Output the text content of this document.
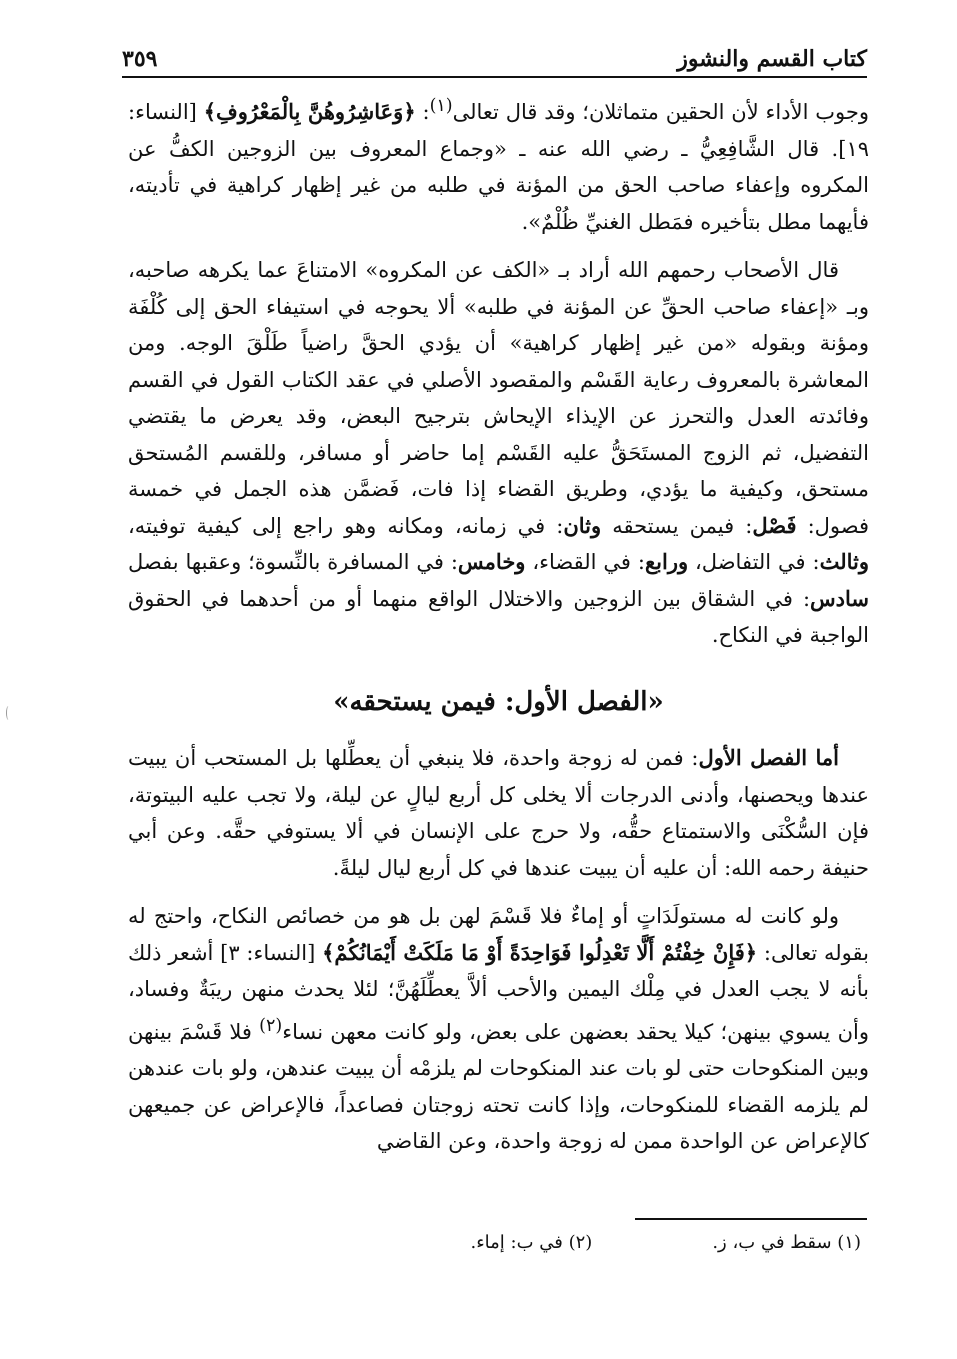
كتاب القسم والنشوز
٣٥٩

وجوب الأداء لأن الحقين متماثلان؛ وقد قال تعالى$^{(١)}$: ﴿وَعَاشِرُوهُنَّ بِالْمَعْرُوفِ﴾ [النساء: ١٩]. قال الشَّافِعِيُّ ـ رضي الله عنه ـ «وجماع المعروف بين الزوجين الكفُّ عن المكروه وإعفاء صاحب الحق من المؤنة في طلبه من غير إظهار كراهية في تأديته، فأيهما مطل بتأخيره فمَطل الغنيِّ ظُلْمٌ».

قال الأصحاب رحمهم الله أراد بـ «الكف عن المكروه» الامتناعَ عما يكرهه صاحبه، وبـ «إعفاء صاحب الحقِّ عن المؤنة في طلبه» ألا يحوجه في استيفاء الحق إلى كُلْفَة ومؤنة وبقوله «من غير إظهار كراهية» أن يؤدي الحقَّ راضياً طَلْقَ الوجه. ومن المعاشرة بالمعروف رعاية القَسْم والمقصود الأصلي في عقد الكتاب القول في القسم وفائدته العدل والتحرز عن الإيذاء الإيحاش بترجيح البعض، وقد يعرض ما يقتضي التفضيل، ثم الزوج المستَحَقُّ عليه القَسْم إما حاضر أو مسافر، وللقسم المُستحق مستحق، وكيفية ما يؤدي، وطريق القضاء إذا فات، فَضمَّن هذه الجمل في خمسة فصول: فَصْل: فيمن يستحقه وثان: في زمانه، ومكانه وهو راجع إلى كيفية توفيته، وثالث: في التفاضل، ورابع: في القضاء، وخامس: في المسافرة بالنِّسوة؛ وعقبها بفصل سادس: في الشقاق بين الزوجين والاختلال الواقع منهما أو من أحدهما في الحقوق الواجبة في النكاح.

«الفصل الأول: فيمن يستحقه»

أما الفصل الأول: فمن له زوجة واحدة، فلا ينبغي أن يعطِّلها بل المستحب أن يبيت عندها ويحصنها، وأدنى الدرجات ألا يخلى كل أربع ليالٍ عن ليلة، ولا تجب عليه البيتوتة، فإن السُّكْنَى والاستمتاع حقُّه، ولا حرج على الإنسان في ألا يستوفي حقَّه. وعن أبي حنيفة رحمه الله: أن عليه أن يبيت عندها في كل أربع ليال ليلةً.

ولو كانت له مستولَدَاتٍ أو إماءٌ فلا قَسْمَ لهن بل هو من خصائص النكاح، واحتج له بقوله تعالى: ﴿فَإِنْ خِفْتُمْ أَلَّا تَعْدِلُوا فَوَاحِدَةً أَوْ مَا مَلَكَتْ أَيْمَانُكُمْ﴾ [النساء: ٣] أشعر ذلك بأنه لا يجب العدل في مِلْك اليمين والأحب ألاَّ يعطِّلَهُنَّ؛ لئلا يحدث منهن ريبَةٌ وفساد، وأن يسوي بينهن؛ كيلا يحقد بعضهن على بعض، ولو كانت معهن نساء$^{(٢)}$ فلا قَسْمَ بينهن وبين المنكوحات حتى لو بات عند المنكوحات لم يلزمْه أن يبيت عندهن، ولو بات عندهن لم يلزمه القضاء للمنكوحات، وإذا كانت تحته زوجتان فصاعداً، فالإعراض عن جميعهن كالإعراض عن الواحدة ممن له زوجة واحدة، وعن القاضي

(١) سقط في ب، ز.
(٢) في ب: إماء.
